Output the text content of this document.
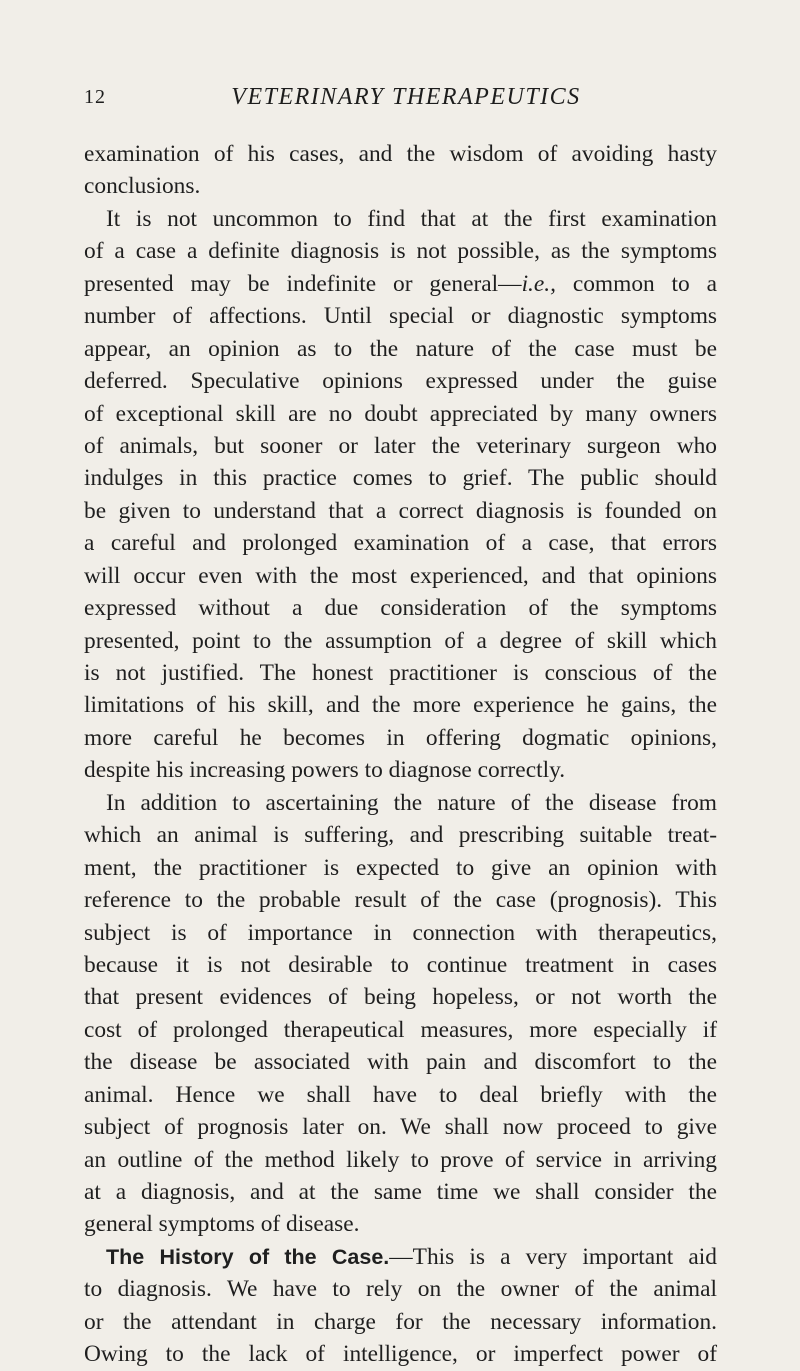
12	VETERINARY THERAPEUTICS
examination of his cases, and the wisdom of avoiding hasty
conclusions.
It is not uncommon to find that at the first examination
of a case a definite diagnosis is not possible, as the symptoms
presented may be indefinite or general—i.e., common to a
number of affections. Until special or diagnostic symptoms
appear, an opinion as to the nature of the case must be
deferred. Speculative opinions expressed under the guise
of exceptional skill are no doubt appreciated by many owners
of animals, but sooner or later the veterinary surgeon who
indulges in this practice comes to grief. The public should
be given to understand that a correct diagnosis is founded on
a careful and prolonged examination of a case, that errors
will occur even with the most experienced, and that opinions
expressed without a due consideration of the symptoms
presented, point to the assumption of a degree of skill which
is not justified. The honest practitioner is conscious of the
limitations of his skill, and the more experience he gains, the
more careful he becomes in offering dogmatic opinions,
despite his increasing powers to diagnose correctly.
In addition to ascertaining the nature of the disease from
which an animal is suffering, and prescribing suitable treat-
ment, the practitioner is expected to give an opinion with
reference to the probable result of the case (prognosis). This
subject is of importance in connection with therapeutics,
because it is not desirable to continue treatment in cases
that present evidences of being hopeless, or not worth the
cost of prolonged therapeutical measures, more especially if
the disease be associated with pain and discomfort to the
animal. Hence we shall have to deal briefly with the
subject of prognosis later on. We shall now proceed to give
an outline of the method likely to prove of service in arriving
at a diagnosis, and at the same time we shall consider the
general symptoms of disease.
The History of the Case.—This is a very important aid
to diagnosis. We have to rely on the owner of the animal
or the attendant in charge for the necessary information.
Owing to the lack of intelligence, or imperfect power of
